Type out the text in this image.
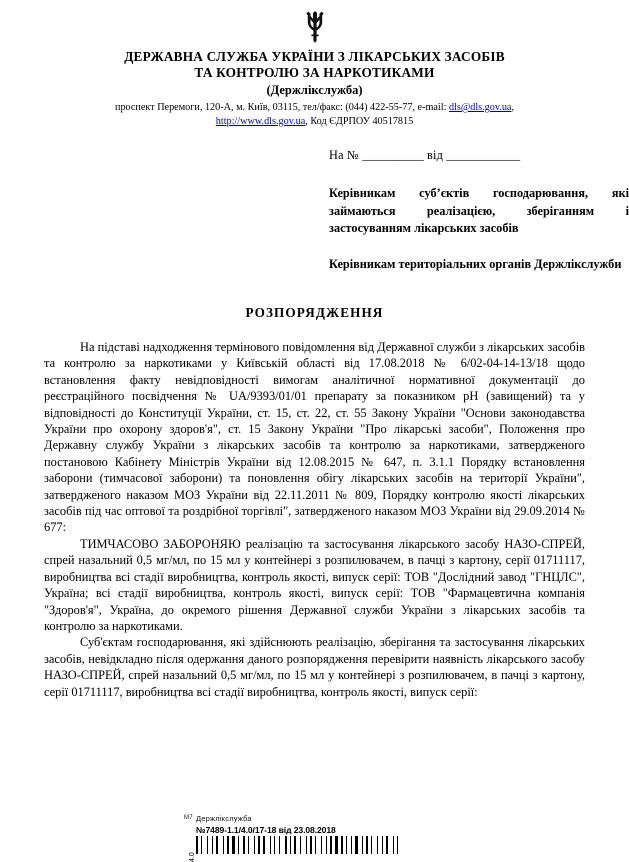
ДЕРЖАВНА СЛУЖБА УКРАЇНИ З ЛІКАРСЬКИХ ЗАСОБІВ
ТА КОНТРОЛЮ ЗА НАРКОТИКАМИ
(Держлікслужба)
проспект Перемоги, 120-А, м. Київ, 03115, тел/факс: (044) 422-55-77, e-mail: dls@dls.gov.ua,
http://www.dls.gov.ua, Код ЄДРПОУ 40517815
На № __________ від ____________
Керівникам суб’єктів господарювання, які займаються реалізацією, зберіганням і застосуванням лікарських засобів
Керівникам територіальних органів Держлікслужби
РОЗПОРЯДЖЕННЯ

На підставі надходження термінового повідомлення від Державної служби з лікарських засобів та контролю за наркотиками у Київській області від 17.08.2018 № 6/02-04-14-13/18 щодо встановлення факту невідповідності вимогам аналітичної нормативної документації до реєстраційного посвідчення № UA/9393/01/01 препарату за показником рН (завищений) та у відповідності до Конституції України, ст. 15, ст. 22, ст. 55 Закону України "Основи законодавства України про охорону здоров'я", ст. 15 Закону України "Про лікарські засоби", Положення про Державну службу України з лікарських засобів та контролю за наркотиками, затвердженого постановою Кабінету Міністрів України від 12.08.2015 № 647, п. 3.1.1 Порядку встановлення заборони (тимчасової заборони) та поновлення обігу лікарських засобів на території України", затвердженого наказом МОЗ України від 22.11.2011 № 809, Порядку контролю якості лікарських засобів під час оптової та роздрібної торгівлі", затвердженого наказом МОЗ України від 29.09.2014 № 677:

ТИМЧАСОВО ЗАБОРОНЯЮ реалізацію та застосування лікарського засобу НАЗО-СПРЕЙ, спрей назальний 0,5 мг/мл, по 15 мл у контейнері з розпилювачем, в пачці з картону, серії 01711117, виробництва всі стадії виробництва, контроль якості, випуск серії: ТОВ "Дослідний завод "ГНЦЛС", Україна; всі стадії виробництва, контроль якості, випуск серії: ТОВ "Фармацевтична компанія "Здоров'я", Україна, до окремого рішення Державної служби України з лікарських засобів та контролю за наркотиками.

Суб'єктам господарювання, які здійснюють реалізацію, зберігання та застосування лікарських засобів, невідкладно після одержання даного розпорядження перевірити наявність лікарського засобу НАЗО-СПРЕЙ, спрей назальний 0,5 мг/мл, по 15 мл у контейнері з розпилювачем, в пачці з картону, серії 01711117, виробництва всі стадії виробництва, контроль якості, випуск серії:

М7 Держлікслужба
№7489-1.1/4.0/17-18 від 23.08.2018
4.0
